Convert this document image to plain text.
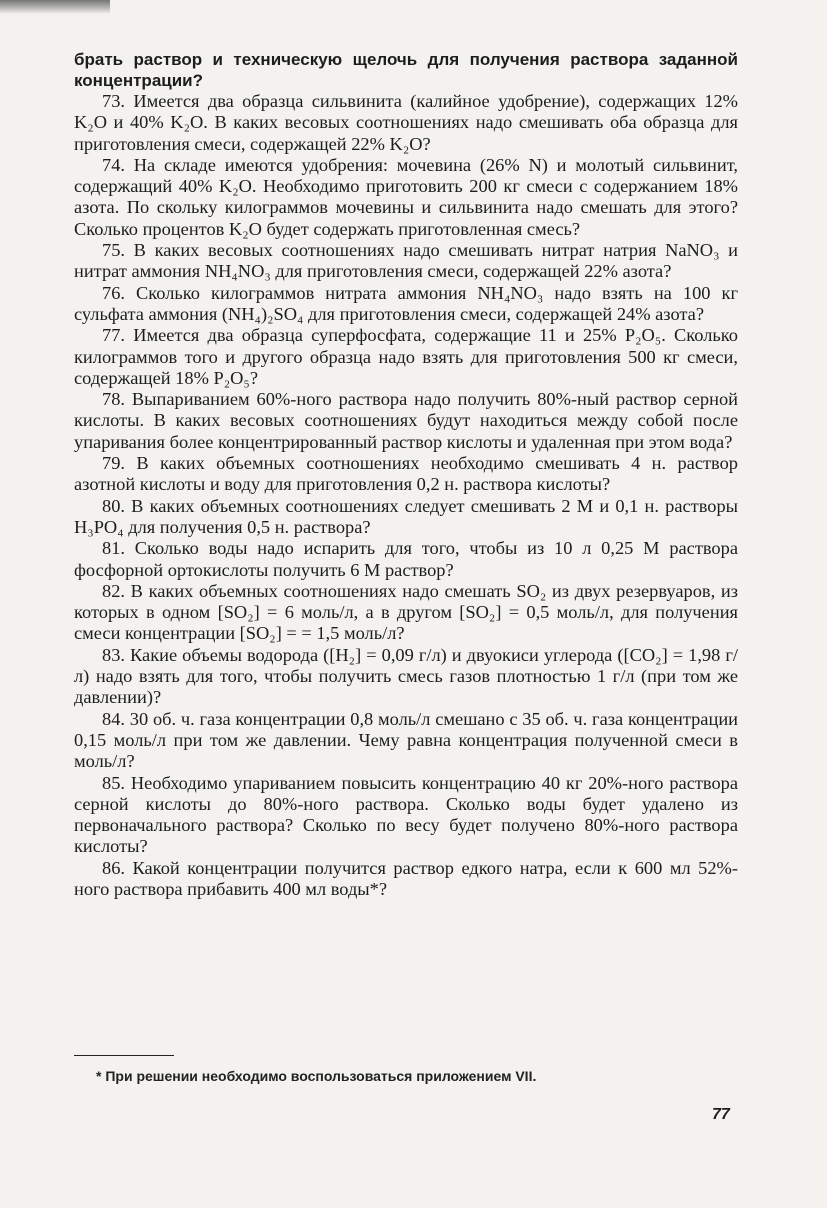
брать раствор и техническую щелочь для получения раствора заданной концентрации?

73. Имеется два образца сильвинита (калийное удобрение), содержащих 12% K₂O и 40% K₂O. В каких весовых соотношениях надо смешивать оба образца для приготовления смеси, содержащей 22% K₂O?

74. На складе имеются удобрения: мочевина (26% N) и молотый сильвинит, содержащий 40% K₂O. Необходимо приготовить 200 кг смеси с содержанием 18% азота. По скольку килограммов мочевины и сильвинита надо смешать для этого? Сколько процентов K₂O будет содержать приготовленная смесь?

75. В каких весовых соотношениях надо смешивать нитрат натрия NaNO₃ и нитрат аммония NH₄NO₃ для приготовления смеси, содержащей 22% азота?

76. Сколько килограммов нитрата аммония NH₄NO₃ надо взять на 100 кг сульфата аммония (NH₄)₂SO₄ для приготовления смеси, содержащей 24% азота?

77. Имеется два образца суперфосфата, содержащие 11 и 25% P₂O₅. Сколько килограммов того и другого образца надо взять для приготовления 500 кг смеси, содержащей 18% P₂O₅?

78. Выпариванием 60%-ного раствора надо получить 80%-ный раствор серной кислоты. В каких весовых соотношениях будут находиться между собой после упаривания более концентрированный раствор кислоты и удаленная при этом вода?

79. В каких объемных соотношениях необходимо смешивать 4 н. раствор азотной кислоты и воду для приготовления 0,2 н. раствора кислоты?

80. В каких объемных соотношениях следует смешивать 2 M и 0,1 н. растворы H₃PO₄ для получения 0,5 н. раствора?

81. Сколько воды надо испарить для того, чтобы из 10 л 0,25 M раствора фосфорной ортокислоты получить 6 M раствор?

82. В каких объемных соотношениях надо смешать SO₂ из двух резервуаров, из которых в одном [SO₂] = 6 моль/л, а в другом [SO₂] = 0,5 моль/л, для получения смеси концентрации [SO₂] = = 1,5 моль/л?

83. Какие объемы водорода ([H₂] = 0,09 г/л) и двуокиси углерода ([CO₂] = 1,98 г/л) надо взять для того, чтобы получить смесь газов плотностью 1 г/л (при том же давлении)?

84. 30 об. ч. газа концентрации 0,8 моль/л смешано с 35 об. ч. газа концентрации 0,15 моль/л при том же давлении. Чему равна концентрация полученной смеси в моль/л?

85. Необходимо упариванием повысить концентрацию 40 кг 20%-ного раствора серной кислоты до 80%-ного раствора. Сколько воды будет удалено из первоначального раствора? Сколько по весу будет получено 80%-ного раствора кислоты?

86. Какой концентрации получится раствор едкого натра, если к 600 мл 52%-ного раствора прибавить 400 мл воды*?

* При решении необходимо воспользоваться приложением VII.
77
